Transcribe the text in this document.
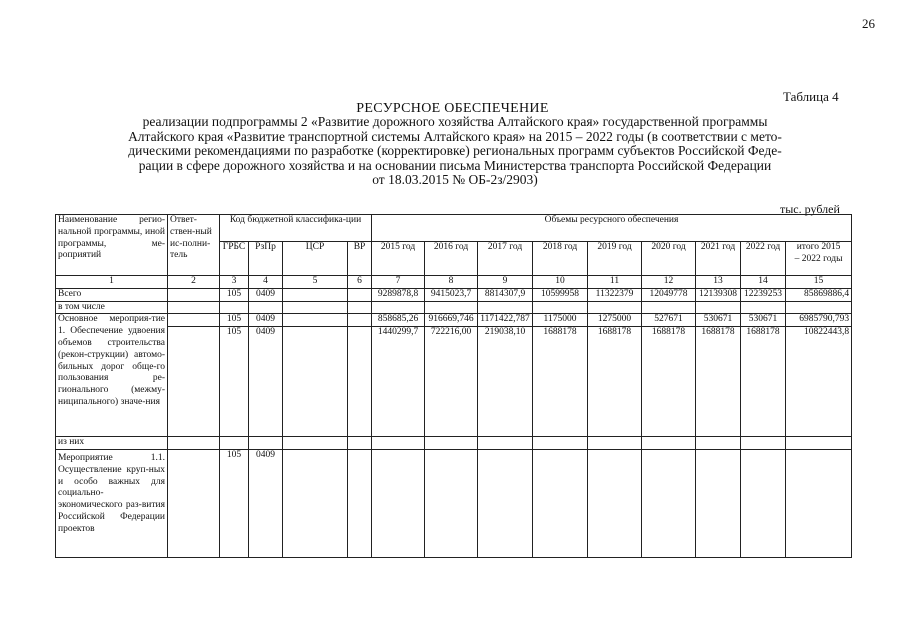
26
Таблица 4
РЕСУРСНОЕ ОБЕСПЕЧЕНИЕ
реализации подпрограммы 2 «Развитие дорожного хозяйства Алтайского края» государственной программы
Алтайского края «Развитие транспортной системы Алтайского края» на 2015 – 2022 годы (в соответствии с мето-
дическими рекомендациями по разработке (корректировке) региональных программ субъектов Российской Феде-
рации в сфере дорожного хозяйства и на основании письма Министерства транспорта Российской Федерации
от 18.03.2015 № ОБ-2з/2903)
тыс. рублей
Наименование регио-нальной программы, иной программы, ме-роприятий	Ответ-ствен-ный ис-полни-тель	Код бюджетной классифика-ции				Объемы ресурсного обеспечения								
		ГРБС	РзПр	ЦСР	ВР	2015 год	2016 год	2017 год	2018 год	2019 год	2020 год	2021 год	2022 год	итого 2015 – 2022 годы

1	2	3	4	5	6	7	8	9	10	11	12	13	14	15
Всего		105	0409			9289878,8	9415023,7	8814307,9	10599958	11322379	12049778	12139308	12239253	85869886,4
в том числе														
Основное мероприя-тие 1. Обеспечение удвоения объемов строительства (рекон-струкции) автомо-бильных дорог обще-го пользования ре-гионального (межму-ниципального) значе-ния		105	0409			858685,26	916669,746	1171422,787	1175000	1275000	527671	530671	530671	6985790,793
		105	0409			1440299,7	722216,00	219038,10	1688178	1688178	1688178	1688178	1688178	10822443,8
из них														
Мероприятие 1.1. Осуществление круп-ных и особо важных для социально-экономического раз-вития Российской Федерации проектов		105	0409											
